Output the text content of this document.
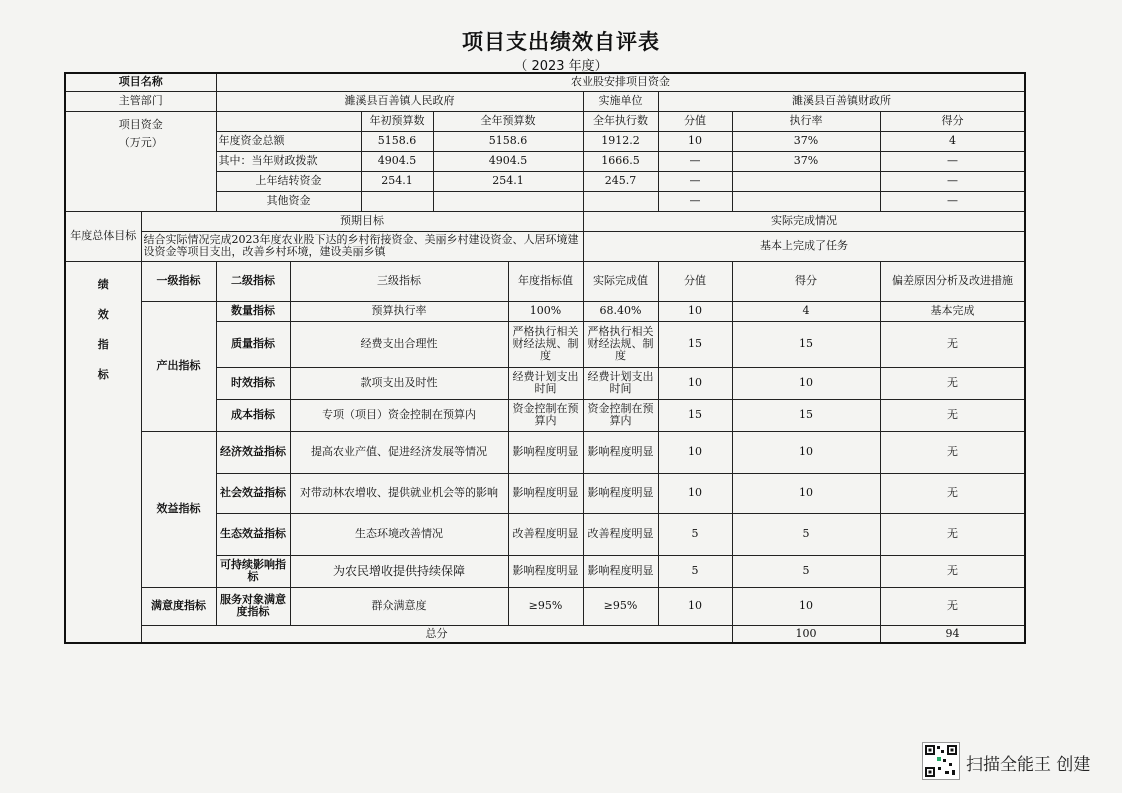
项目支出绩效自评表
（ 2023 年度）
项目名称		农业股安排项目资金									
主管部门		濉溪县百善镇人民政府					实施单位	濉溪县百善镇财政所			
项目资金
（万元）				年初预算数	全年预算数		全年执行数	分值	执行率	得分	
		年度资金总额		5158.6	5158.6		1912.2	10	37%	4	
		其中：当年财政拨款		4904.5	4904.5		1666.5	—	37%	—	
		上年结转资金		254.1	254.1		245.7	—		—	
		其他资金						—		—	
年度总体目标	预期目标						实际完成情况				
	结合实际情况完成2023年度农业股下达的乡村衔接资金、美丽乡村建设资金、人居环境建设资金等项目支出，改善乡村环境，建设美丽乡镇						基本上完成了任务				
绩
效
指
标	一级指标	二级指标	三级指标			年度指标值	实际完成值	分值	得分	偏差原因分析及改进措施	
	产出指标	数量指标	预算执行率			100%	68.40%	10	4	基本完成	
		质量指标	经费支出合理性			严格执行相关财经法规、制度	严格执行相关财经法规、制度	15	15	无	
		时效指标	款项支出及时性			经费计划支出时间	经费计划支出时间	10	10	无	
		成本指标	专项（项目）资金控制在预算内			资金控制在预算内	资金控制在预算内	15	15	无	
	效益指标	经济效益指标	提高农业产值、促进经济发展等情况			影响程度明显	影响程度明显	10	10	无	
		社会效益指标	对带动林农增收、提供就业机会等的影响			影响程度明显	影响程度明显	10	10	无	
		生态效益指标	生态环境改善情况			改善程度明显	改善程度明显	5	5	无	
		可持续影响指标	为农民增收提供持续保障			影响程度明显	影响程度明显	5	5	无	
	满意度指标	服务对象满意度指标	群众满意度			≥95%	≥95%	10	10	无	
	总分								100	94	
扫描全能王 创建
